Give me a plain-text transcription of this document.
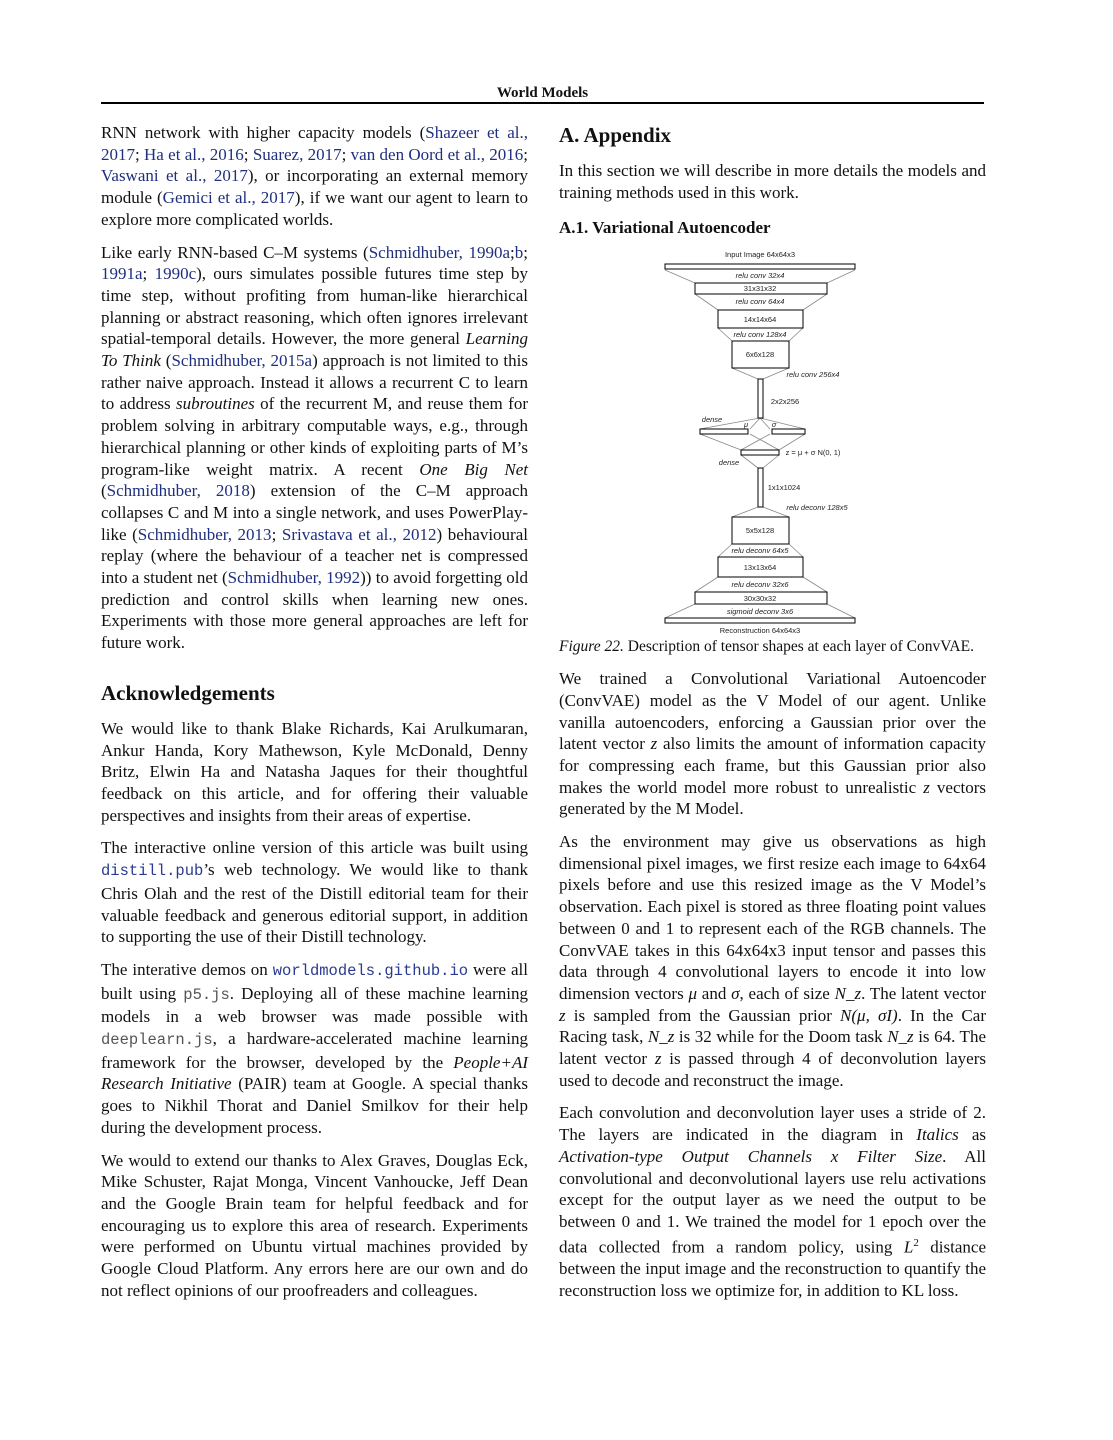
World Models

RNN network with higher capacity models (Shazeer et al., 2017; Ha et al., 2016; Suarez, 2017; van den Oord et al., 2016; Vaswani et al., 2017), or incorporating an external memory module (Gemici et al., 2017), if we want our agent to learn to explore more complicated worlds.

Like early RNN-based C–M systems (Schmidhuber, 1990a;b; 1991a; 1990c), ours simulates possible futures time step by time step, without profiting from human-like hierarchical planning or abstract reasoning, which often ignores irrelevant spatial-temporal details. However, the more general Learning To Think (Schmidhuber, 2015a) approach is not limited to this rather naive approach. Instead it allows a recurrent C to learn to address subroutines of the recurrent M, and reuse them for problem solving in arbitrary computable ways, e.g., through hierarchical planning or other kinds of exploiting parts of M’s program-like weight matrix. A recent One Big Net (Schmidhuber, 2018) extension of the C–M approach collapses C and M into a single network, and uses PowerPlay-like (Schmidhuber, 2013; Srivastava et al., 2012) behavioural replay (where the behaviour of a teacher net is compressed into a student net (Schmidhuber, 1992)) to avoid forgetting old prediction and control skills when learning new ones. Experiments with those more general approaches are left for future work.

Acknowledgements

We would like to thank Blake Richards, Kai Arulkumaran, Ankur Handa, Kory Mathewson, Kyle McDonald, Denny Britz, Elwin Ha and Natasha Jaques for their thoughtful feedback on this article, and for offering their valuable perspectives and insights from their areas of expertise.

The interactive online version of this article was built using distill.pub’s web technology. We would like to thank Chris Olah and the rest of the Distill editorial team for their valuable feedback and generous editorial support, in addition to supporting the use of their Distill technology.

The interative demos on worldmodels.github.io were all built using p5.js. Deploying all of these machine learning models in a web browser was made possible with deeplearn.js, a hardware-accelerated machine learning framework for the browser, developed by the People+AI Research Initiative (PAIR) team at Google. A special thanks goes to Nikhil Thorat and Daniel Smilkov for their help during the development process.

We would to extend our thanks to Alex Graves, Douglas Eck, Mike Schuster, Rajat Monga, Vincent Vanhoucke, Jeff Dean and the Google Brain team for helpful feedback and for encouraging us to explore this area of research. Experiments were performed on Ubuntu virtual machines provided by Google Cloud Platform. Any errors here are our own and do not reflect opinions of our proofreaders and colleagues.

A. Appendix

In this section we will describe in more details the models and training methods used in this work.

A.1. Variational Autoencoder
Input Image 64x64x3
relu conv 32x4
31x31x32
relu conv 64x4
14x14x64
relu conv 128x4
6x6x128
relu conv 256x4
2x2x256
dense
μ	σ
z = μ + σ N(0, 1)
dense
1x1x1024
relu deconv 128x5
5x5x128
relu deconv 64x5
13x13x64
relu deconv 32x6
30x30x32
sigmoid deconv 3x6
Reconstruction 64x64x3
Figure 22. Description of tensor shapes at each layer of ConvVAE.

We trained a Convolutional Variational Autoencoder (ConvVAE) model as the V Model of our agent. Unlike vanilla autoencoders, enforcing a Gaussian prior over the latent vector z also limits the amount of information capacity for compressing each frame, but this Gaussian prior also makes the world model more robust to unrealistic z vectors generated by the M Model.

As the environment may give us observations as high dimensional pixel images, we first resize each image to 64x64 pixels before and use this resized image as the V Model’s observation. Each pixel is stored as three floating point values between 0 and 1 to represent each of the RGB channels. The ConvVAE takes in this 64x64x3 input tensor and passes this data through 4 convolutional layers to encode it into low dimension vectors μ and σ, each of size N_z. The latent vector z is sampled from the Gaussian prior N(μ, σI). In the Car Racing task, N_z is 32 while for the Doom task N_z is 64. The latent vector z is passed through 4 of deconvolution layers used to decode and reconstruct the image.

Each convolution and deconvolution layer uses a stride of 2. The layers are indicated in the diagram in Italics as Activation-type Output Channels x Filter Size. All convolutional and deconvolutional layers use relu activations except for the output layer as we need the output to be between 0 and 1. We trained the model for 1 epoch over the data collected from a random policy, using $L^2$ distance between the input image and the reconstruction to quantify the reconstruction loss we optimize for, in addition to KL loss.
